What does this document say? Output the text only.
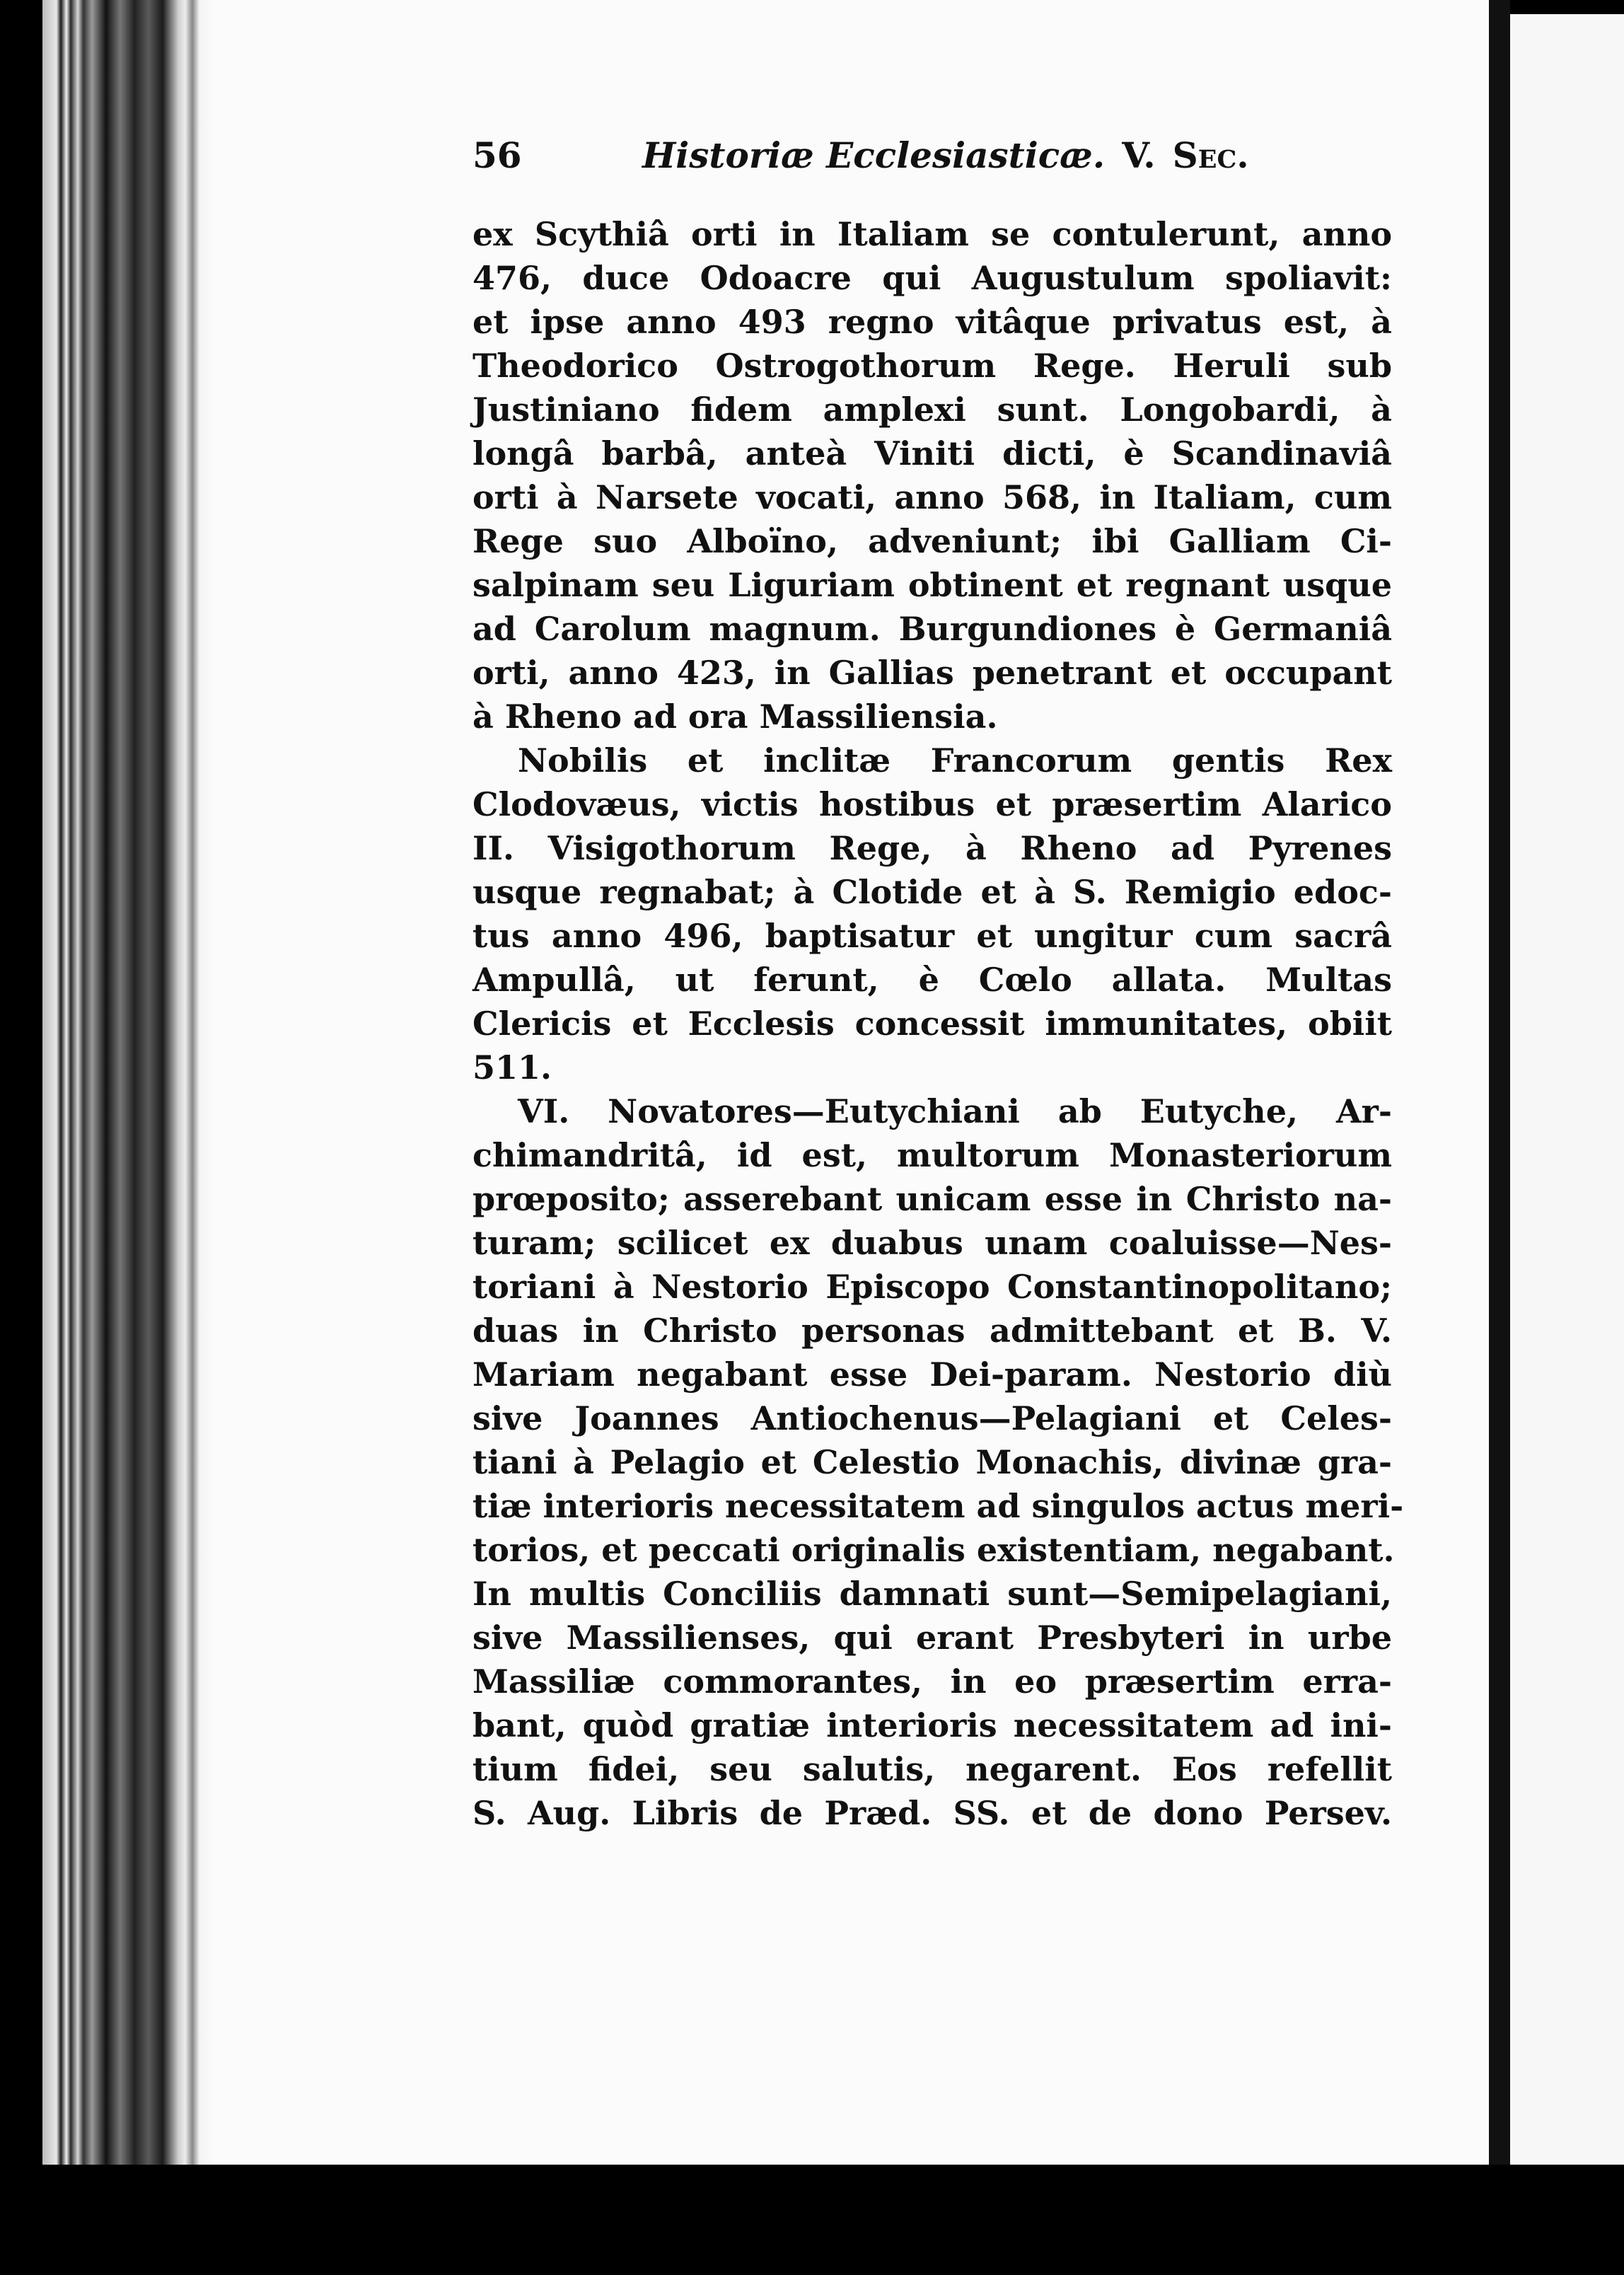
56	Historiæ Ecclesiasticæ. V. Sec.
ex Scythiâ orti in Italiam se contulerunt, anno
476, duce Odoacre qui Augustulum spoliavit:
et ipse anno 493 regno vitâque privatus est, à
Theodorico Ostrogothorum Rege. Heruli sub
Justiniano fidem amplexi sunt. Longobardi, à
longâ barbâ, anteà Viniti dicti, è Scandinaviâ
orti à Narsete vocati, anno 568, in Italiam, cum
Rege suo Alboïno, adveniunt; ibi Galliam Ci-
salpinam seu Liguriam obtinent et regnant usque
ad Carolum magnum. Burgundiones è Germaniâ
orti, anno 423, in Gallias penetrant et occupant
à Rheno ad ora Massiliensia.
Nobilis et inclitæ Francorum gentis Rex
Clodovæus, victis hostibus et præsertim Alarico
II. Visigothorum Rege, à Rheno ad Pyrenes
usque regnabat; à Clotide et à S. Remigio edoc-
tus anno 496, baptisatur et ungitur cum sacrâ
Ampullâ, ut ferunt, è Cœlo allata. Multas
Clericis et Ecclesis concessit immunitates, obiit
511.
VI. Novatores—Eutychiani ab Eutyche, Ar-
chimandritâ, id est, multorum Monasteriorum
prœposito; asserebant unicam esse in Christo na-
turam; scilicet ex duabus unam coaluisse—Nes-
toriani à Nestorio Episcopo Constantinopolitano;
duas in Christo personas admittebant et B. V.
Mariam negabant esse Dei-param. Nestorio diù
sive Joannes Antiochenus—Pelagiani et Celes-
tiani à Pelagio et Celestio Monachis, divinæ gra-
tiæ interioris necessitatem ad singulos actus meri-
torios, et peccati originalis existentiam, negabant.
In multis Conciliis damnati sunt—Semipelagiani,
sive Massilienses, qui erant Presbyteri in urbe
Massiliæ commorantes, in eo præsertim erra-
bant, quòd gratiæ interioris necessitatem ad ini-
tium fidei, seu salutis, negarent. Eos refellit
S. Aug. Libris de Præd. SS. et de dono Persev.
